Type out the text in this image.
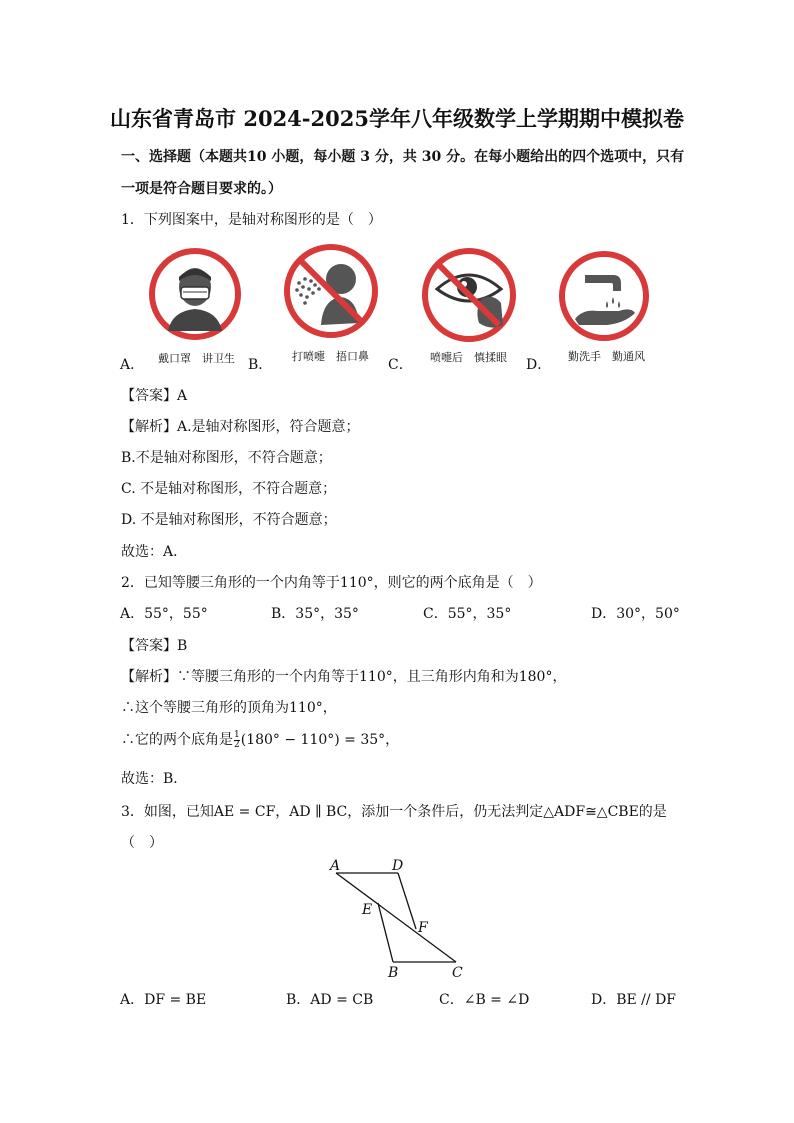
山东省青岛市 2024-2025学年八年级数学上学期期中模拟卷
一、选择题（本题共10 小题，每小题 3 分，共 30 分。在每小题给出的四个选项中，只有
一项是符合题目要求的。）
1．下列图案中，是轴对称图形的是（　）
A． 戴口罩　讲卫生 B．
打喷嚏　捂口鼻
C． 喷嚏后　慎揉眼 D．
勤洗手　勤通风
【答案】A
【解析】A.是轴对称图形，符合题意；
B.不是轴对称图形，不符合题意；
C. 不是轴对称图形，不符合题意；
D. 不是轴对称图形，不符合题意；
故选：A．
2．已知等腰三角形的一个内角等于110°，则它的两个底角是（　）
A．55°，55°	B．35°，35°	C．55°，35°	D．30°，50°
【答案】B
【解析】∵等腰三角形的一个内角等于110°，且三角形内角和为180°，
∴这个等腰三角形的顶角为110°，
∴它的两个底角是 $\frac{1}{2} (180^\circ - 110^\circ) = 35^\circ$，
故选：B．
3．如图，已知AE = CF，AD ∥ BC，添加一个条件后，仍无法判定△ADF≅△CBE的是
（　）
A	D
E
F
B	C
A．DF = BE	B．AD = CB	C．∠B = ∠D	D．BE // DF
